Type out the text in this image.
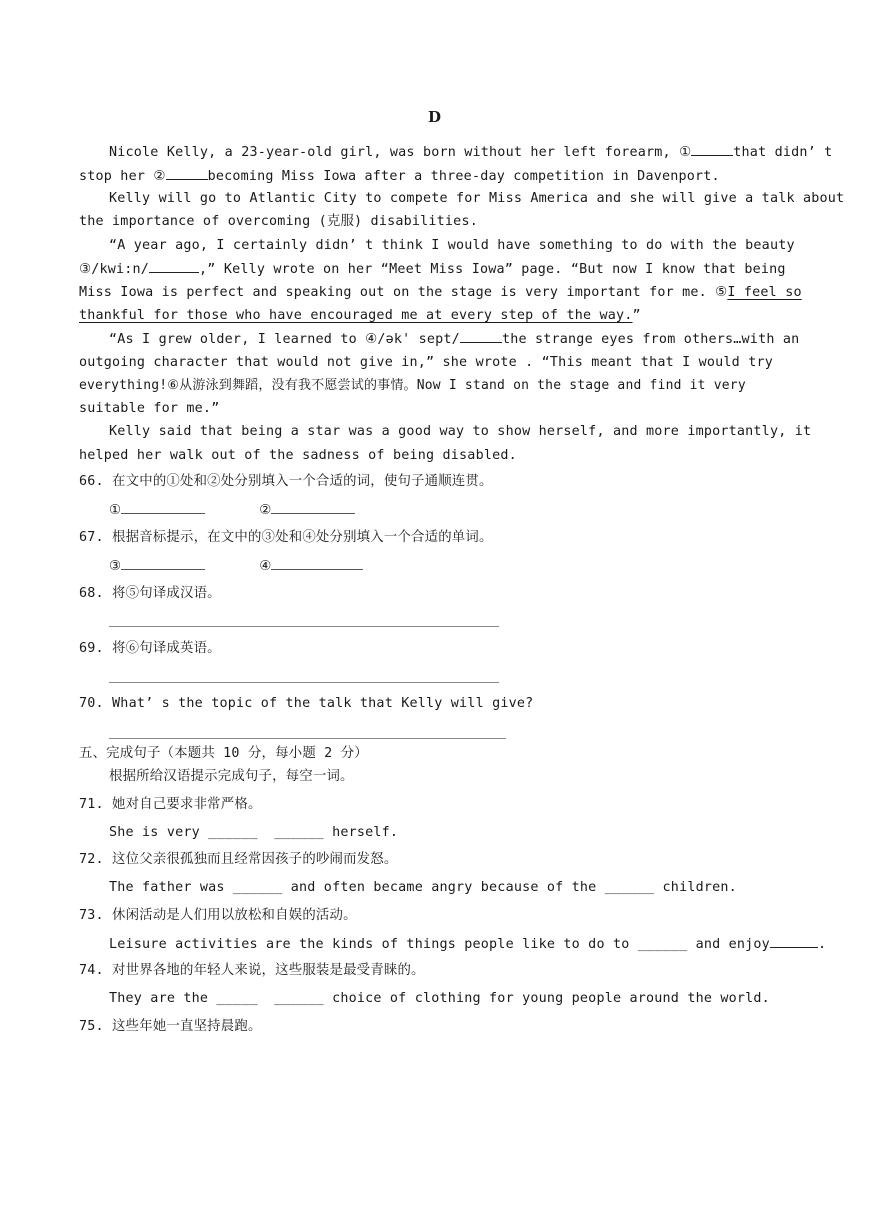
D
Nicole Kelly, a 23-year-old girl, was born without her left forearm, ①	that didn’ t
stop her ②	becoming Miss Iowa after a three-day competition in Davenport.
Kelly will go to Atlantic City to compete for Miss America and she will give a talk about
the importance of overcoming (克服) disabilities.
“A year ago, I certainly didn’ t think I would have something to do with the beauty
③/kwi:n/	,” Kelly wrote on her “Meet Miss Iowa” page. “But now I know that being
Miss Iowa is perfect and speaking out on the stage is very important for me. ⑤I feel so
thankful for those who have encouraged me at every step of the way.”
“As I grew older, I learned to ④/ək' sept/	the strange eyes from others…with an
outgoing character that would not give in,” she wrote . “This meant that I would try
everything!⑥从游泳到舞蹈，没有我不愿尝试的事情。Now I stand on the stage and find it very
suitable for me.”
Kelly said that being a star was a good way to show herself, and more importantly, it
helped her walk out of the sadness of being disabled.
66. 在文中的①处和②处分别填入一个合适的词，使句子通顺连贯。
①	②
67. 根据音标提示，在文中的③处和④处分别填入一个合适的单词。
③	④
68. 将⑤句译成汉语。
69. 将⑥句译成英语。
70. What’ s the topic of the talk that Kelly will give?
五、完成句子（本题共 10 分，每小题 2 分）
根据所给汉语提示完成句子，每空一词。
71. 她对自己要求非常严格。
She is very ______  ______ herself.
72. 这位父亲很孤独而且经常因孩子的吵闹而发怒。
The father was ______ and often became angry because of the ______ children.
73. 休闲活动是人们用以放松和自娱的活动。
Leisure activities are the kinds of things people like to do to ______ and enjoy	.
74. 对世界各地的年轻人来说，这些服装是最受青睐的。
They are the _____  ______ choice of clothing for young people around the world.
75. 这些年她一直坚持晨跑。
